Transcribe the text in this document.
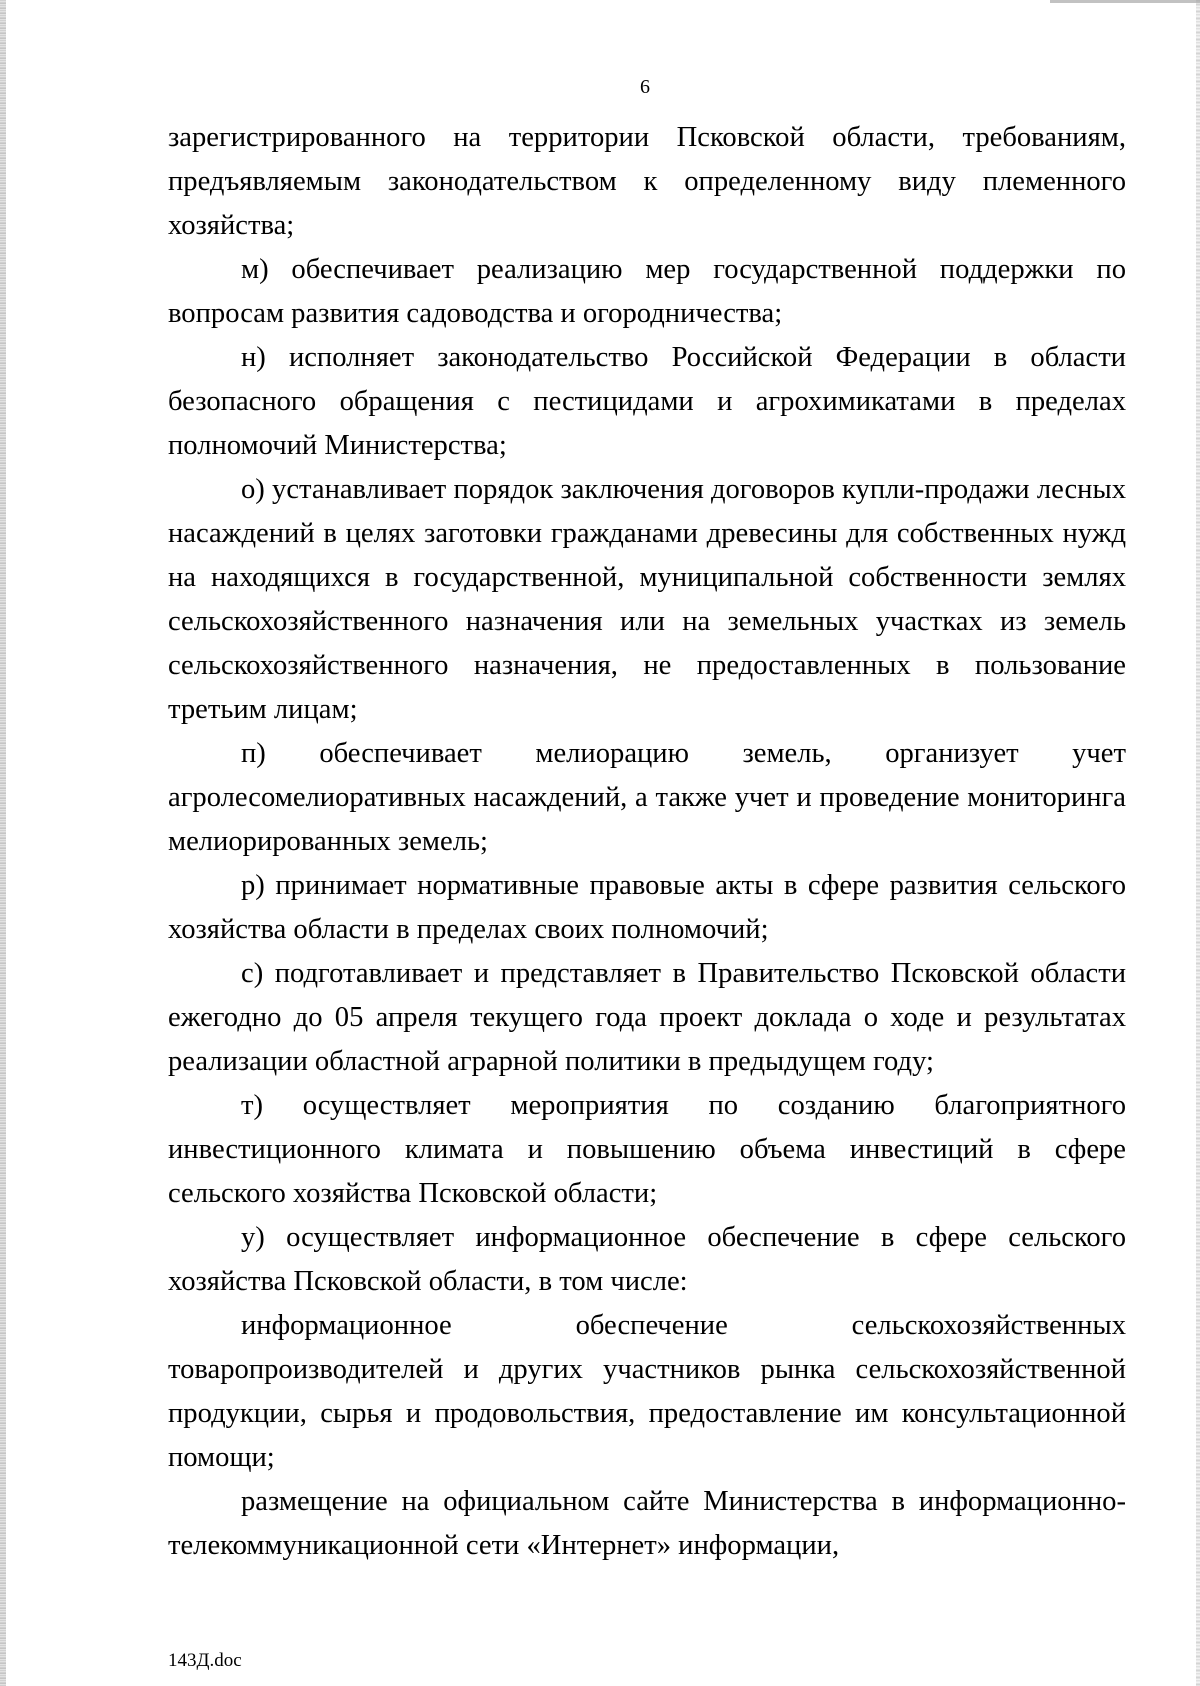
6

зарегистрированного на территории Псковской области, требованиям, предъявляемым законодательством к определенному виду племенного хозяйства;

м) обеспечивает реализацию мер государственной поддержки по вопросам развития садоводства и огородничества;

н) исполняет законодательство Российской Федерации в области безопасного обращения с пестицидами и агрохимикатами в пределах полномочий Министерства;

о) устанавливает порядок заключения договоров купли-продажи лесных насаждений в целях заготовки гражданами древесины для собственных нужд на находящихся в государственной, муниципальной собственности землях сельскохозяйственного назначения или на земельных участках из земель сельскохозяйственного назначения, не предоставленных в пользование третьим лицам;

п) обеспечивает мелиорацию земель, организует учет агролесомелиоративных насаждений, а также учет и проведение мониторинга мелиорированных земель;

р) принимает нормативные правовые акты в сфере развития сельского хозяйства области в пределах своих полномочий;

с) подготавливает и представляет в Правительство Псковской области ежегодно до 05 апреля текущего года проект доклада о ходе и результатах реализации областной аграрной политики в предыдущем году;

т) осуществляет мероприятия по созданию благоприятного инвестиционного климата и повышению объема инвестиций в сфере сельского хозяйства Псковской области;

у) осуществляет информационное обеспечение в сфере сельского хозяйства Псковской области, в том числе:

информационное обеспечение сельскохозяйственных товаропроизводителей и других участников рынка сельскохозяйственной продукции, сырья и продовольствия, предоставление им консультационной помощи;

размещение на официальном сайте Министерства в информационно-телекоммуникационной сети «Интернет» информации,

143Д.doc
